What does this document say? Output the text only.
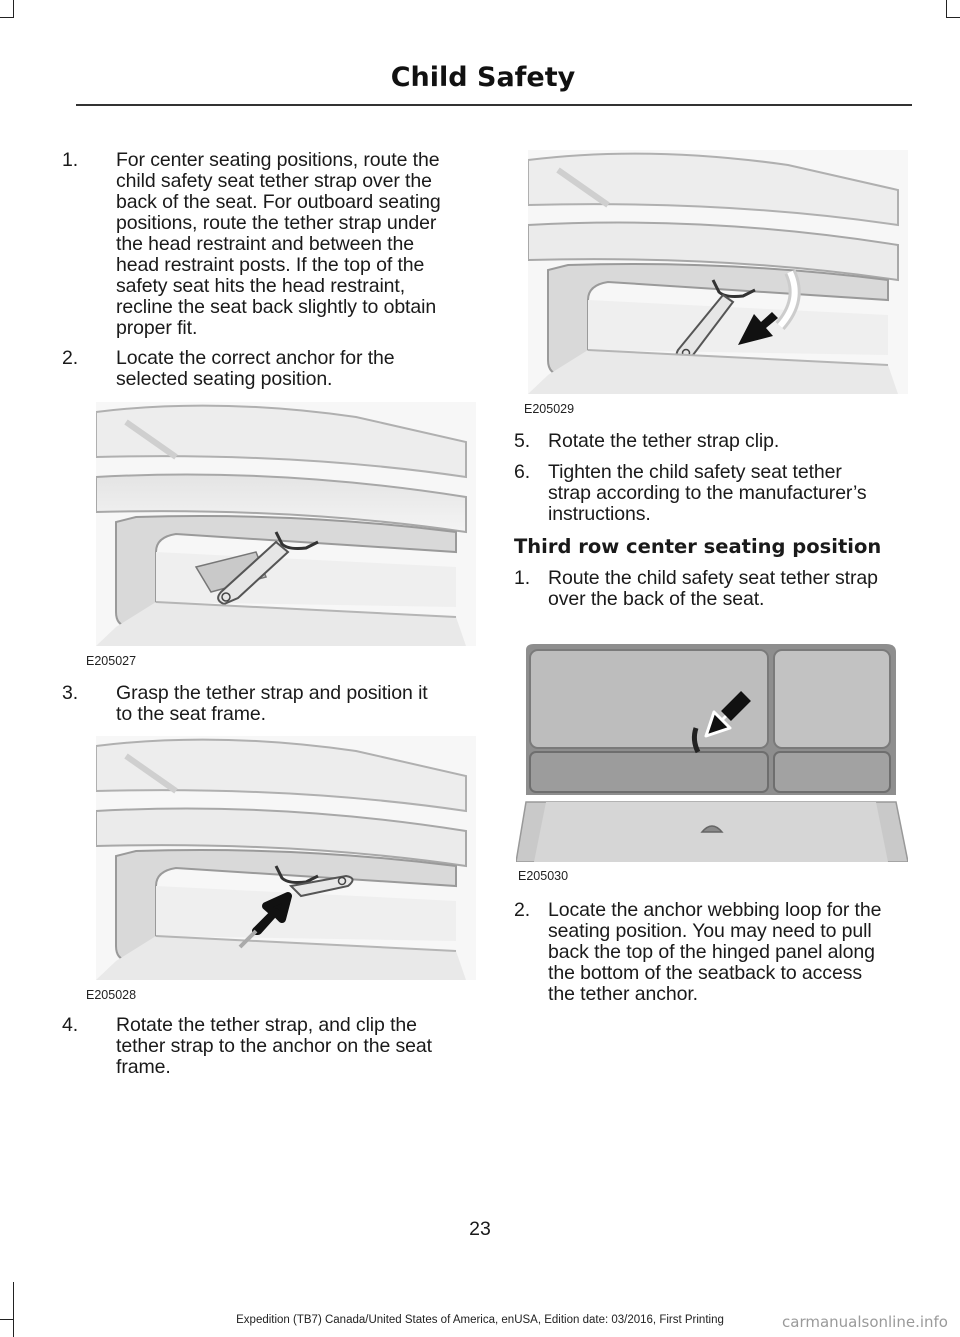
Child Safety
1. For center seating positions, route the
child safety seat tether strap over the
back of the seat. For outboard seating
positions, route the tether strap under
the head restraint and between the
head restraint posts. If the top of the
safety seat hits the head restraint,
recline the seat back slightly to obtain
proper fit.
2. Locate the correct anchor for the
selected seating position.
E205027
3. Grasp the tether strap and position it
to the seat frame.
E205028
4. Rotate the tether strap, and clip the
tether strap to the anchor on the seat
frame.
E205029
5. Rotate the tether strap clip.
6. Tighten the child safety seat tether
strap according to the manufacturer’s
instructions.
Third row center seating position
1. Route the child safety seat tether strap
over the back of the seat.
E205030
2. Locate the anchor webbing loop for the
seating position. You may need to pull
back the top of the hinged panel along
the bottom of the seatback to access
the tether anchor.
23
Expedition (TB7) Canada/United States of America, enUSA, Edition date: 03/2016, First Printing	carmanualsonline.info
